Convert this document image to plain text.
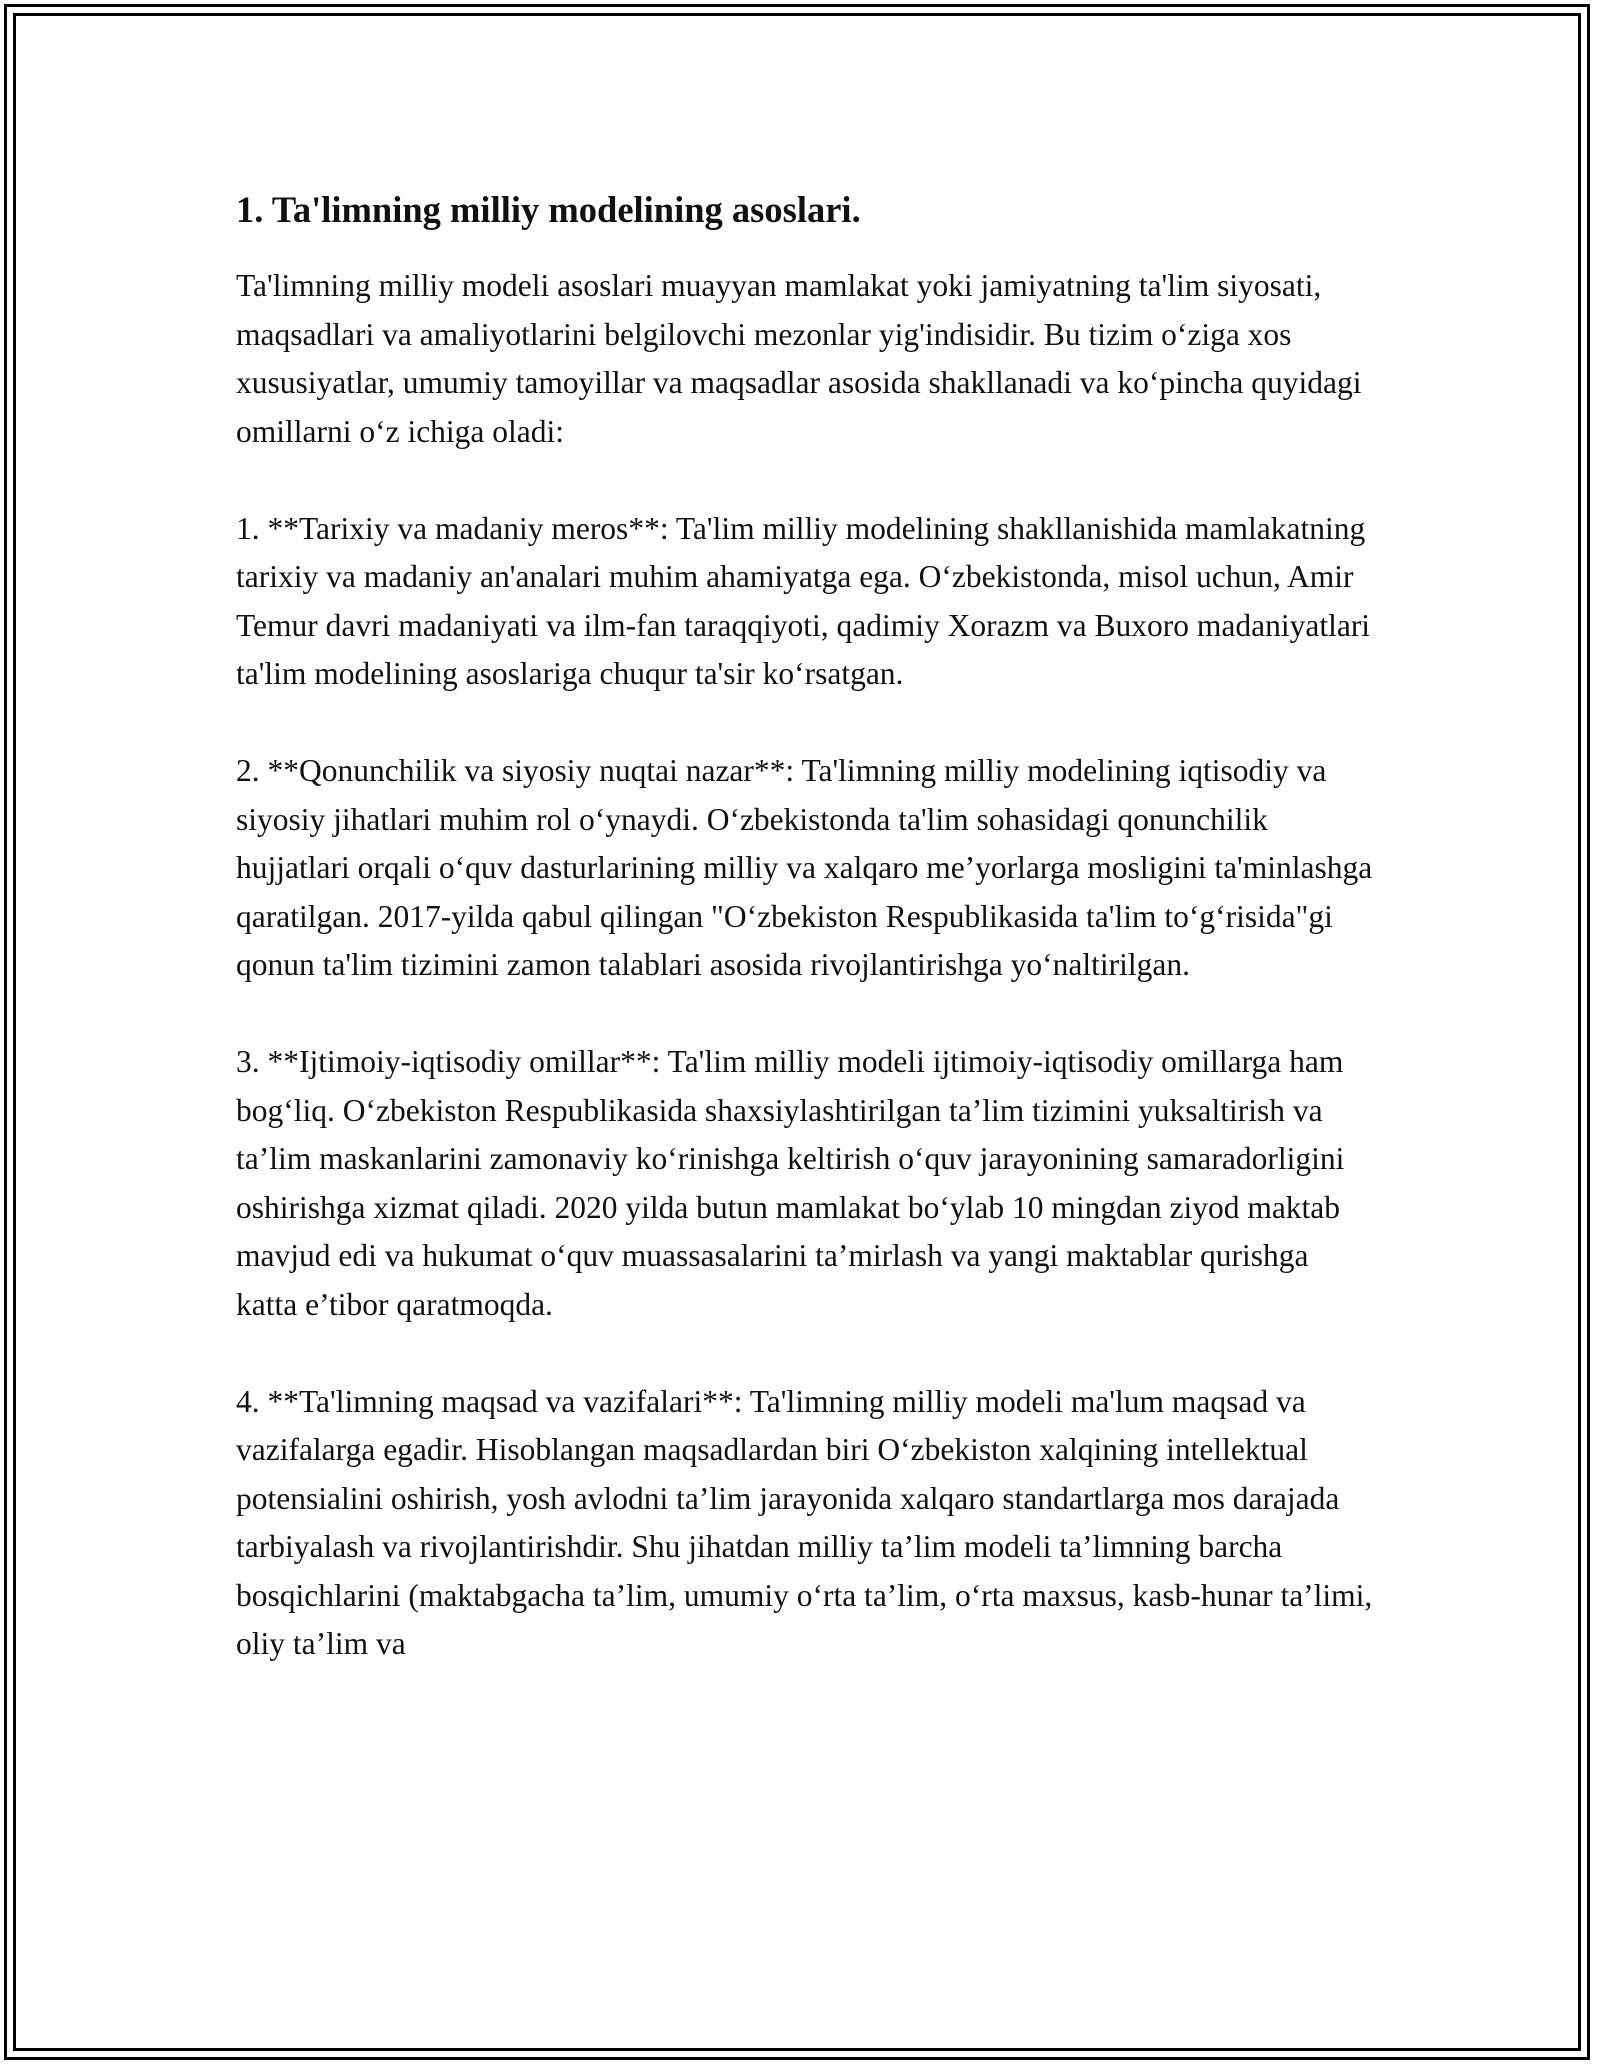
1. Ta'limning milliy modelining asoslari.

Ta'limning milliy modeli asoslari muayyan mamlakat yoki jamiyatning ta'lim siyosati, maqsadlari va amaliyotlarini belgilovchi mezonlar yig'indisidir. Bu tizim o‘ziga xos xususiyatlar, umumiy tamoyillar va maqsadlar asosida shakllanadi va ko‘pincha quyidagi omillarni o‘z ichiga oladi:

1. **Tarixiy va madaniy meros**: Ta'lim milliy modelining shakllanishida mamlakatning tarixiy va madaniy an'analari muhim ahamiyatga ega. O‘zbekistonda, misol uchun, Amir Temur davri madaniyati va ilm-fan taraqqiyoti, qadimiy Xorazm va Buxoro madaniyatlari ta'lim modelining asoslariga chuqur ta'sir ko‘rsatgan.

2. **Qonunchilik va siyosiy nuqtai nazar**: Ta'limning milliy modelining iqtisodiy va siyosiy jihatlari muhim rol o‘ynaydi. O‘zbekistonda ta'lim sohasidagi qonunchilik hujjatlari orqali o‘quv dasturlarining milliy va xalqaro me’yorlarga mosligini ta'minlashga qaratilgan. 2017-yilda qabul qilingan "O‘zbekiston Respublikasida ta'lim to‘g‘risida"gi qonun ta'lim tizimini zamon talablari asosida rivojlantirishga yo‘naltirilgan.

3. **Ijtimoiy-iqtisodiy omillar**: Ta'lim milliy modeli ijtimoiy-iqtisodiy omillarga ham bog‘liq. O‘zbekiston Respublikasida shaxsiylashtirilgan ta’lim tizimini yuksaltirish va ta’lim maskanlarini zamonaviy ko‘rinishga keltirish o‘quv jarayonining samaradorligini oshirishga xizmat qiladi. 2020 yilda butun mamlakat bo‘ylab 10 mingdan ziyod maktab mavjud edi va hukumat o‘quv muassasalarini ta’mirlash va yangi maktablar qurishga katta e’tibor qaratmoqda.

4. **Ta'limning maqsad va vazifalari**: Ta'limning milliy modeli ma'lum maqsad va vazifalarga egadir. Hisoblangan maqsadlardan biri O‘zbekiston xalqining intellektual potensialini oshirish, yosh avlodni ta’lim jarayonida xalqaro standartlarga mos darajada tarbiyalash va rivojlantirishdir. Shu jihatdan milliy ta’lim modeli ta’limning barcha bosqichlarini (maktabgacha ta’lim, umumiy o‘rta ta’lim, o‘rta maxsus, kasb-hunar ta’limi, oliy ta’lim va
